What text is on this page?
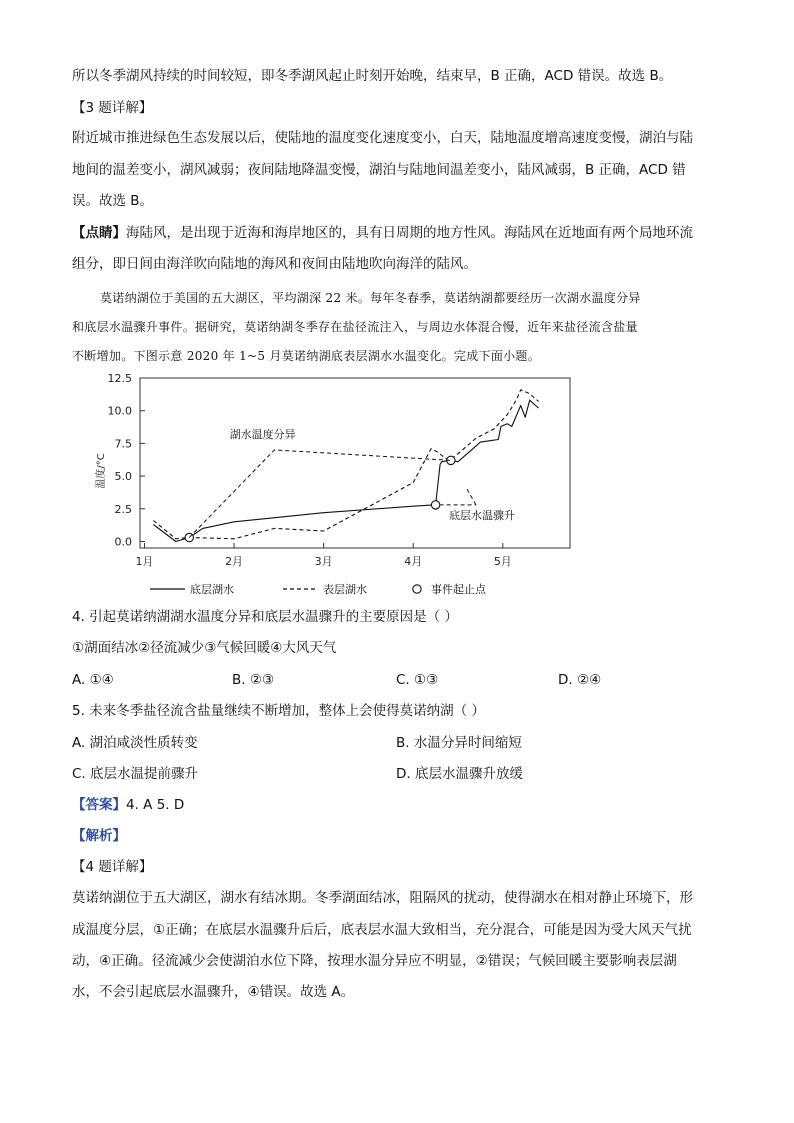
所以冬季湖风持续的时间较短，即冬季湖风起止时刻开始晚，结束早，B 正确，ACD 错误。故选 B。
【3 题详解】
附近城市推进绿色生态发展以后，使陆地的温度变化速度变小，白天，陆地温度增高速度变慢，湖泊与陆
地间的温差变小，湖风减弱；夜间陆地降温变慢，湖泊与陆地间温差变小，陆风减弱，B 正确，ACD 错
误。故选 B。
【点睛】海陆风，是出现于近海和海岸地区的，具有日周期的地方性风。海陆风在近地面有两个局地环流
组分，即日间由海洋吹向陆地的海风和夜间由陆地吹向海洋的陆风。
莫诺纳湖位于美国的五大湖区，平均湖深 22 米。每年冬春季，莫诺纳湖都要经历一次湖水温度分异
和底层水温骤升事件。据研究，莫诺纳湖冬季存在盐径流注入，与周边水体混合慢，近年来盐径流含盐量
不断增加。下图示意 2020 年 1~5 月莫诺纳湖底表层湖水水温变化。完成下面小题。
0.0
2.5
5.0
7.5
10.0
12.5
1月	2月	3月	4月	5月
温度/°C
湖水温度分异
底层水温骤升
底层湖水	表层湖水	事件起止点
4. 引起莫诺纳湖湖水温度分异和底层水温骤升的主要原因是（ ）
①湖面结冰②径流减少③气候回暖④大风天气
A. ①④	B. ②③	C. ①③	D. ②④
5. 未来冬季盐径流含盐量继续不断增加，整体上会使得莫诺纳湖（ ）
A. 湖泊咸淡性质转变	B. 水温分异时间缩短
C. 底层水温提前骤升	D. 底层水温骤升放缓
【答案】4. A 5. D
【解析】
【4 题详解】
莫诺纳湖位于五大湖区，湖水有结冰期。冬季湖面结冰，阻隔风的扰动，使得湖水在相对静止环境下，形
成温度分层，①正确；在底层水温骤升后后，底表层水温大致相当，充分混合，可能是因为受大风天气扰
动，④正确。径流减少会使湖泊水位下降，按理水温分异应不明显，②错误；气候回暖主要影响表层湖
水，不会引起底层水温骤升，④错误。故选 A。
